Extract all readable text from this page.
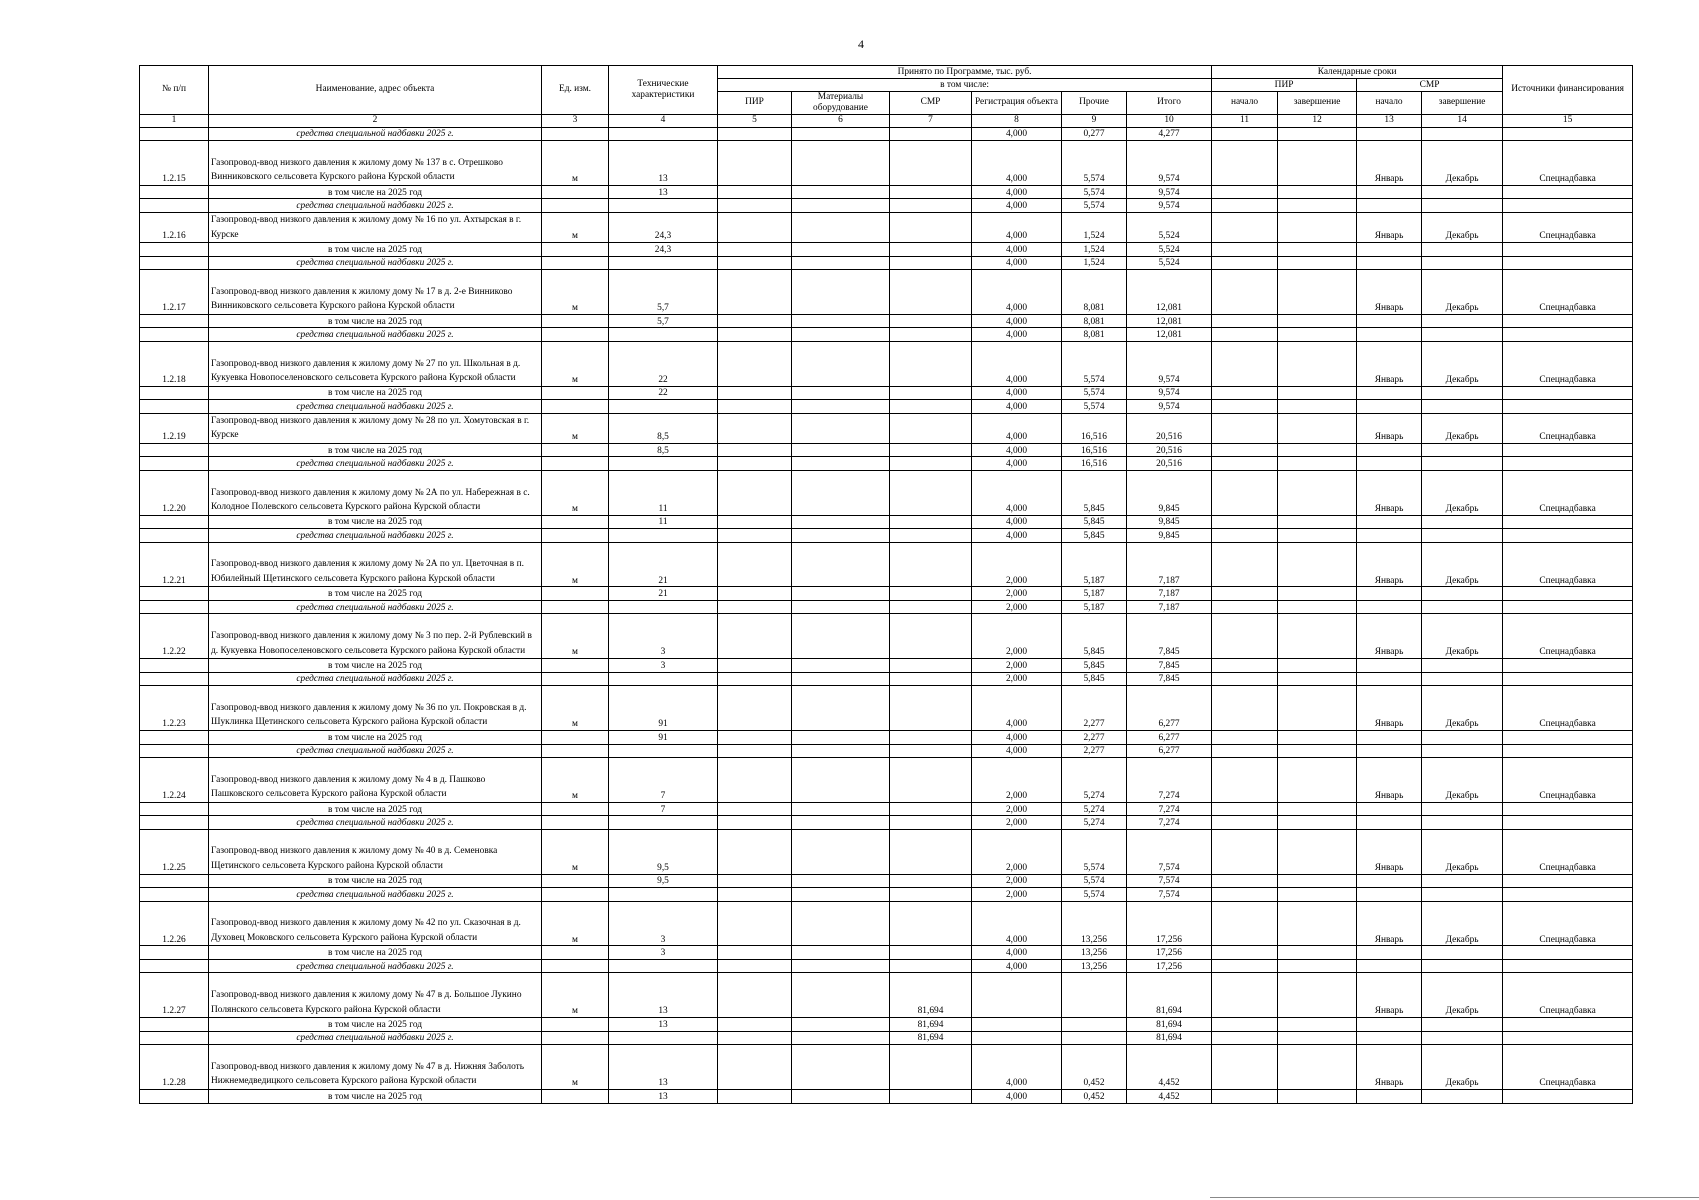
4
№ п/п	Наименование, адрес объекта	Ед. изм.	Технические характеристики	Принято по Программе, тыс. руб.						Календарные сроки				Источники финансирования
				в том числе:						ПИР		СМР		
				ПИР	Материалы оборудование	СМР	Регистрация объекта	Прочие	Итого	начало	завершение	начало	завершение	

1	2	3	4	5	6	7	8	9	10	11	12	13	14	15
	средства специальной надбавки 2025 г.						4,000	0,277	4,277					
1.2.15	Газопровод-ввод низкого давления к жилому дому № 137 в с. Отрешково Винниковского сельсовета Курского района Курской области	м	13				4,000	5,574	9,574			Январь	Декабрь	Спецнадбавка
	в том числе на 2025 год		13				4,000	5,574	9,574					
	средства специальной надбавки 2025 г.						4,000	5,574	9,574					
1.2.16	Газопровод-ввод низкого давления к жилому дому № 16 по ул. Ахтырская в г. Курске	м	24,3				4,000	1,524	5,524			Январь	Декабрь	Спецнадбавка
	в том числе на 2025 год		24,3				4,000	1,524	5,524					
	средства специальной надбавки 2025 г.						4,000	1,524	5,524					
1.2.17	Газопровод-ввод низкого давления к жилому дому № 17 в д. 2-е Винниково Винниковского сельсовета Курского района Курской области	м	5,7				4,000	8,081	12,081			Январь	Декабрь	Спецнадбавка
	в том числе на 2025 год		5,7				4,000	8,081	12,081					
	средства специальной надбавки 2025 г.						4,000	8,081	12,081					
1.2.18	Газопровод-ввод низкого давления к жилому дому № 27 по ул. Школьная в д. Кукуевка Новопоселеновского сельсовета Курского района Курской области	м	22				4,000	5,574	9,574			Январь	Декабрь	Спецнадбавка
	в том числе на 2025 год		22				4,000	5,574	9,574					
	средства специальной надбавки 2025 г.						4,000	5,574	9,574					
1.2.19	Газопровод-ввод низкого давления к жилому дому № 28 по ул. Хомутовская в г. Курске	м	8,5				4,000	16,516	20,516			Январь	Декабрь	Спецнадбавка
	в том числе на 2025 год		8,5				4,000	16,516	20,516					
	средства специальной надбавки 2025 г.						4,000	16,516	20,516					
1.2.20	Газопровод-ввод низкого давления к жилому дому № 2А по ул. Набережная в с. Колодное Полевского сельсовета Курского района Курской области	м	11				4,000	5,845	9,845			Январь	Декабрь	Спецнадбавка
	в том числе на 2025 год		11				4,000	5,845	9,845					
	средства специальной надбавки 2025 г.						4,000	5,845	9,845					
1.2.21	Газопровод-ввод низкого давления к жилому дому № 2А по ул. Цветочная в п. Юбилейный Щетинского сельсовета Курского района Курской области	м	21				2,000	5,187	7,187			Январь	Декабрь	Спецнадбавка
	в том числе на 2025 год		21				2,000	5,187	7,187					
	средства специальной надбавки 2025 г.						2,000	5,187	7,187					
1.2.22	Газопровод-ввод низкого давления к жилому дому № 3 по пер. 2-й Рублевский в д. Кукуевка Новопоселеновского сельсовета Курского района Курской области	м	3				2,000	5,845	7,845			Январь	Декабрь	Спецнадбавка
	в том числе на 2025 год		3				2,000	5,845	7,845					
	средства специальной надбавки 2025 г.						2,000	5,845	7,845					
1.2.23	Газопровод-ввод низкого давления к жилому дому № 36 по ул. Покровская в д. Шуклинка Щетинского сельсовета Курского района Курской области	м	91				4,000	2,277	6,277			Январь	Декабрь	Спецнадбавка
	в том числе на 2025 год		91				4,000	2,277	6,277					
	средства специальной надбавки 2025 г.						4,000	2,277	6,277					
1.2.24	Газопровод-ввод низкого давления к жилому дому № 4 в д. Пашково Пашковского сельсовета Курского района Курской области	м	7				2,000	5,274	7,274			Январь	Декабрь	Спецнадбавка
	в том числе на 2025 год		7				2,000	5,274	7,274					
	средства специальной надбавки 2025 г.						2,000	5,274	7,274					
1.2.25	Газопровод-ввод низкого давления к жилому дому № 40 в д. Семеновка Щетинского сельсовета Курского района Курской области	м	9,5				2,000	5,574	7,574			Январь	Декабрь	Спецнадбавка
	в том числе на 2025 год		9,5				2,000	5,574	7,574					
	средства специальной надбавки 2025 г.						2,000	5,574	7,574					
1.2.26	Газопровод-ввод низкого давления к жилому дому № 42 по ул. Сказочная в д. Духовец Моковского сельсовета Курского района Курской области	м	3				4,000	13,256	17,256			Январь	Декабрь	Спецнадбавка
	в том числе на 2025 год		3				4,000	13,256	17,256					
	средства специальной надбавки 2025 г.						4,000	13,256	17,256					
1.2.27	Газопровод-ввод низкого давления к жилому дому № 47 в д. Большое Лукино Полянского сельсовета Курского района Курской области	м	13			81,694			81,694			Январь	Декабрь	Спецнадбавка
	в том числе на 2025 год		13			81,694			81,694					
	средства специальной надбавки 2025 г.					81,694			81,694					
1.2.28	Газопровод-ввод низкого давления к жилому дому № 47 в д. Нижняя Заболоть Нижнемедведицкого сельсовета Курского района Курской области	м	13				4,000	0,452	4,452			Январь	Декабрь	Спецнадбавка
	в том числе на 2025 год		13				4,000	0,452	4,452					
